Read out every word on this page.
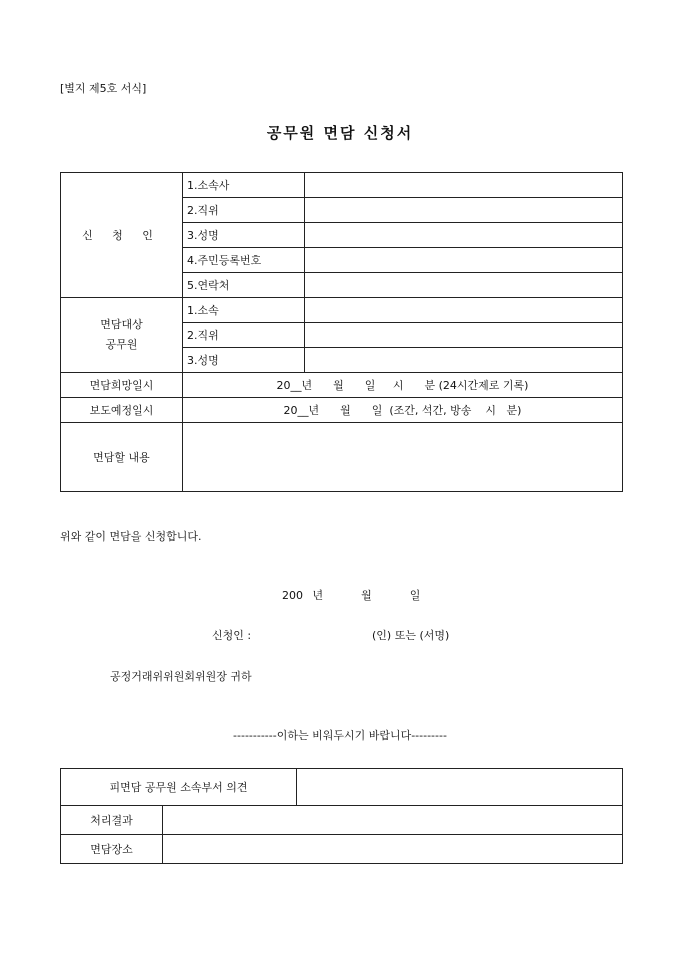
[별지 제5호 서식]
공무원 면담 신청서
신 청 인	1.소속사	
	2.직위	
	3.성명	
	4.주민등록번호	
	5.연락처	
면담대상
공무원	1.소속	
	2.직위	
	3.성명	
면담희망일시	20__년      월      일     시      분 (24시간제로 기록)	
보도예정일시	20__년      월      일  (조간, 석간, 방송    시   분)	
면담할 내용		
위와 같이 면담을 신청합니다.
200 년    월    일
신청인 :	(인) 또는 (서명)
공정거래위위원회위원장 귀하
-----------이하는 비워두시기 바랍니다---------
피면담 공무원 소속부서 의견		
처리결과		
면담장소		
